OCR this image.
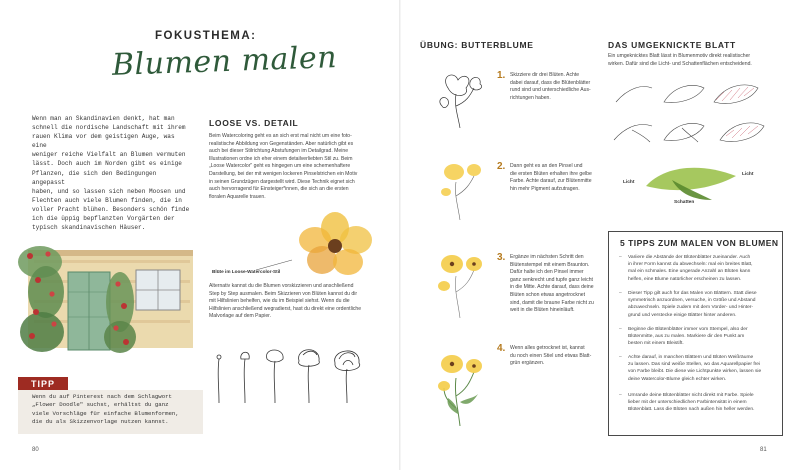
FOKUSTHEMA:
Blumen malen
Wenn man an Skandinavien denkt, hat man
schnell die nordische Landschaft mit ihrem
rauen Klima vor dem geistigen Auge, was eine
weniger reiche Vielfalt an Blumen vermuten
lässt. Doch auch im Norden gibt es einige
Pflanzen, die sich den Bedingungen angepasst
haben, und so lassen sich neben Moosen und
Flechten auch viele Blumen finden, die in
voller Pracht blühen. Besonders schön finde
ich die üppig bepflanzten Vorgärten der
typisch skandinavischen Häuser.
LOOSE VS. DETAIL
Beim Watercoloring geht es an sich erst mal nicht um eine foto-
realistische Abbildung von Gegenständen. Aber natürlich gibt es
auch bei dieser Stilrichtung Abstufungen im Detailgrad. Meine
Illustrationen ordne ich eher einem detailverliebten Stil zu. Beim
„Loose Watercolor" geht es hingegen um eine schemenhaftere
Darstellung, bei der mit wenigen lockeren Pinselstrichen ein Motiv
in seinen Grundzügen dargestellt wird. Diese Technik eignet sich
auch hervorragend für Einsteiger*innen, die sich an die ersten
floralen Aquarelle trauen.
Blüte im Loose-Watercolor-Stil
Alternativ kannst du die Blumen vorskizzieren und anschließend
Step by Step ausmalen. Beim Skizzieren von Blüten kannst du dir
mit Hilfslinien behelfen, wie du im Beispiel siehst. Wenn du die
Hilfslinien anschließend wegradierst, hast du direkt eine ordentliche
Malvorlage auf dem Papier.
TIPP
Wenn du auf Pinterest nach dem Schlagwort
„Flower Doodle" suchst, erhältst du ganz
viele Vorschläge für einfache Blumenformen,
die du als Skizzenvorlage nutzen kannst.
80
ÜBUNG: BUTTERBLUME
1. Skizziere dir drei Blüten. Achte
dabei darauf, dass die Blütenblätter
rund sind und unterschiedliche Aus-
richtungen haben.
2. Dann geht es an den Pinsel und
die ersten Blüten erhalten ihre gelbe
Farbe. Achte darauf, zur Blütenmitte
hin mehr Pigment aufzutragen.
3. Ergänze im nächsten Schritt den
Blütenstempel mit einem Braunton.
Dafür halte ich den Pinsel immer
ganz senkrecht und tupfe ganz leicht
in die Mitte. Achte darauf, dass deine
Blüten schon etwas angetrocknet
sind, damit die braune Farbe nicht zu
weit in die Blüten hineinläuft.
4. Wenn alles getrocknet ist, kannst
du noch einen Stiel und etwas Blatt-
grün ergänzen.
DAS UMGEKNICKTE BLATT
Ein umgeknicktes Blatt lässt in Blumenmotiv direkt realistischer
wirken. Dafür sind die Licht- und Schattenflächen entscheidend.
Licht
Licht
Schatten
5 TIPPS ZUM MALEN VON BLUMEN
– Variiere die Abstände der Blütenblätter zueinander. Auch
in ihrer Form kannst du abwechseln: mal ein breites Blatt,
mal ein schmales. Eine ungerade Anzahl an Blüten kann
helfen, eine Blume natürlicher erscheinen zu lassen.
– Dieser Tipp gilt auch für das Malen von Blättern. Statt diese
symmetrisch anzuordnen, versuche, in Größe und Abstand
abzuwechseln. Spiele zudem mit dem Vorder- und Hinter-
grund und verstecke einige Blätter hinter anderen.
– Beginne die Blütenblätter immer vom Stempel, also der
Blütenmitte, aus zu malen. Markiere dir den Punkt am
besten mit einem Bleistift.
– Achte darauf, in manchen Blättern und Blüten Weißräume
zu lassen. Das sind weiße Stellen, wo das Aquarellpapier frei
von Farbe bleibt. Die diese wie Lichtpunkte wirken, lassen sie
deine Watercolor-Blume gleich echter wirken.
– Umrande deine Blütenblätter nicht direkt mit Farbe. Spiele
lieber mit der unterschiedlichen Farbintensität in einem
Blütenblatt. Lass die Blüten nach außen hin heller werden.
81
